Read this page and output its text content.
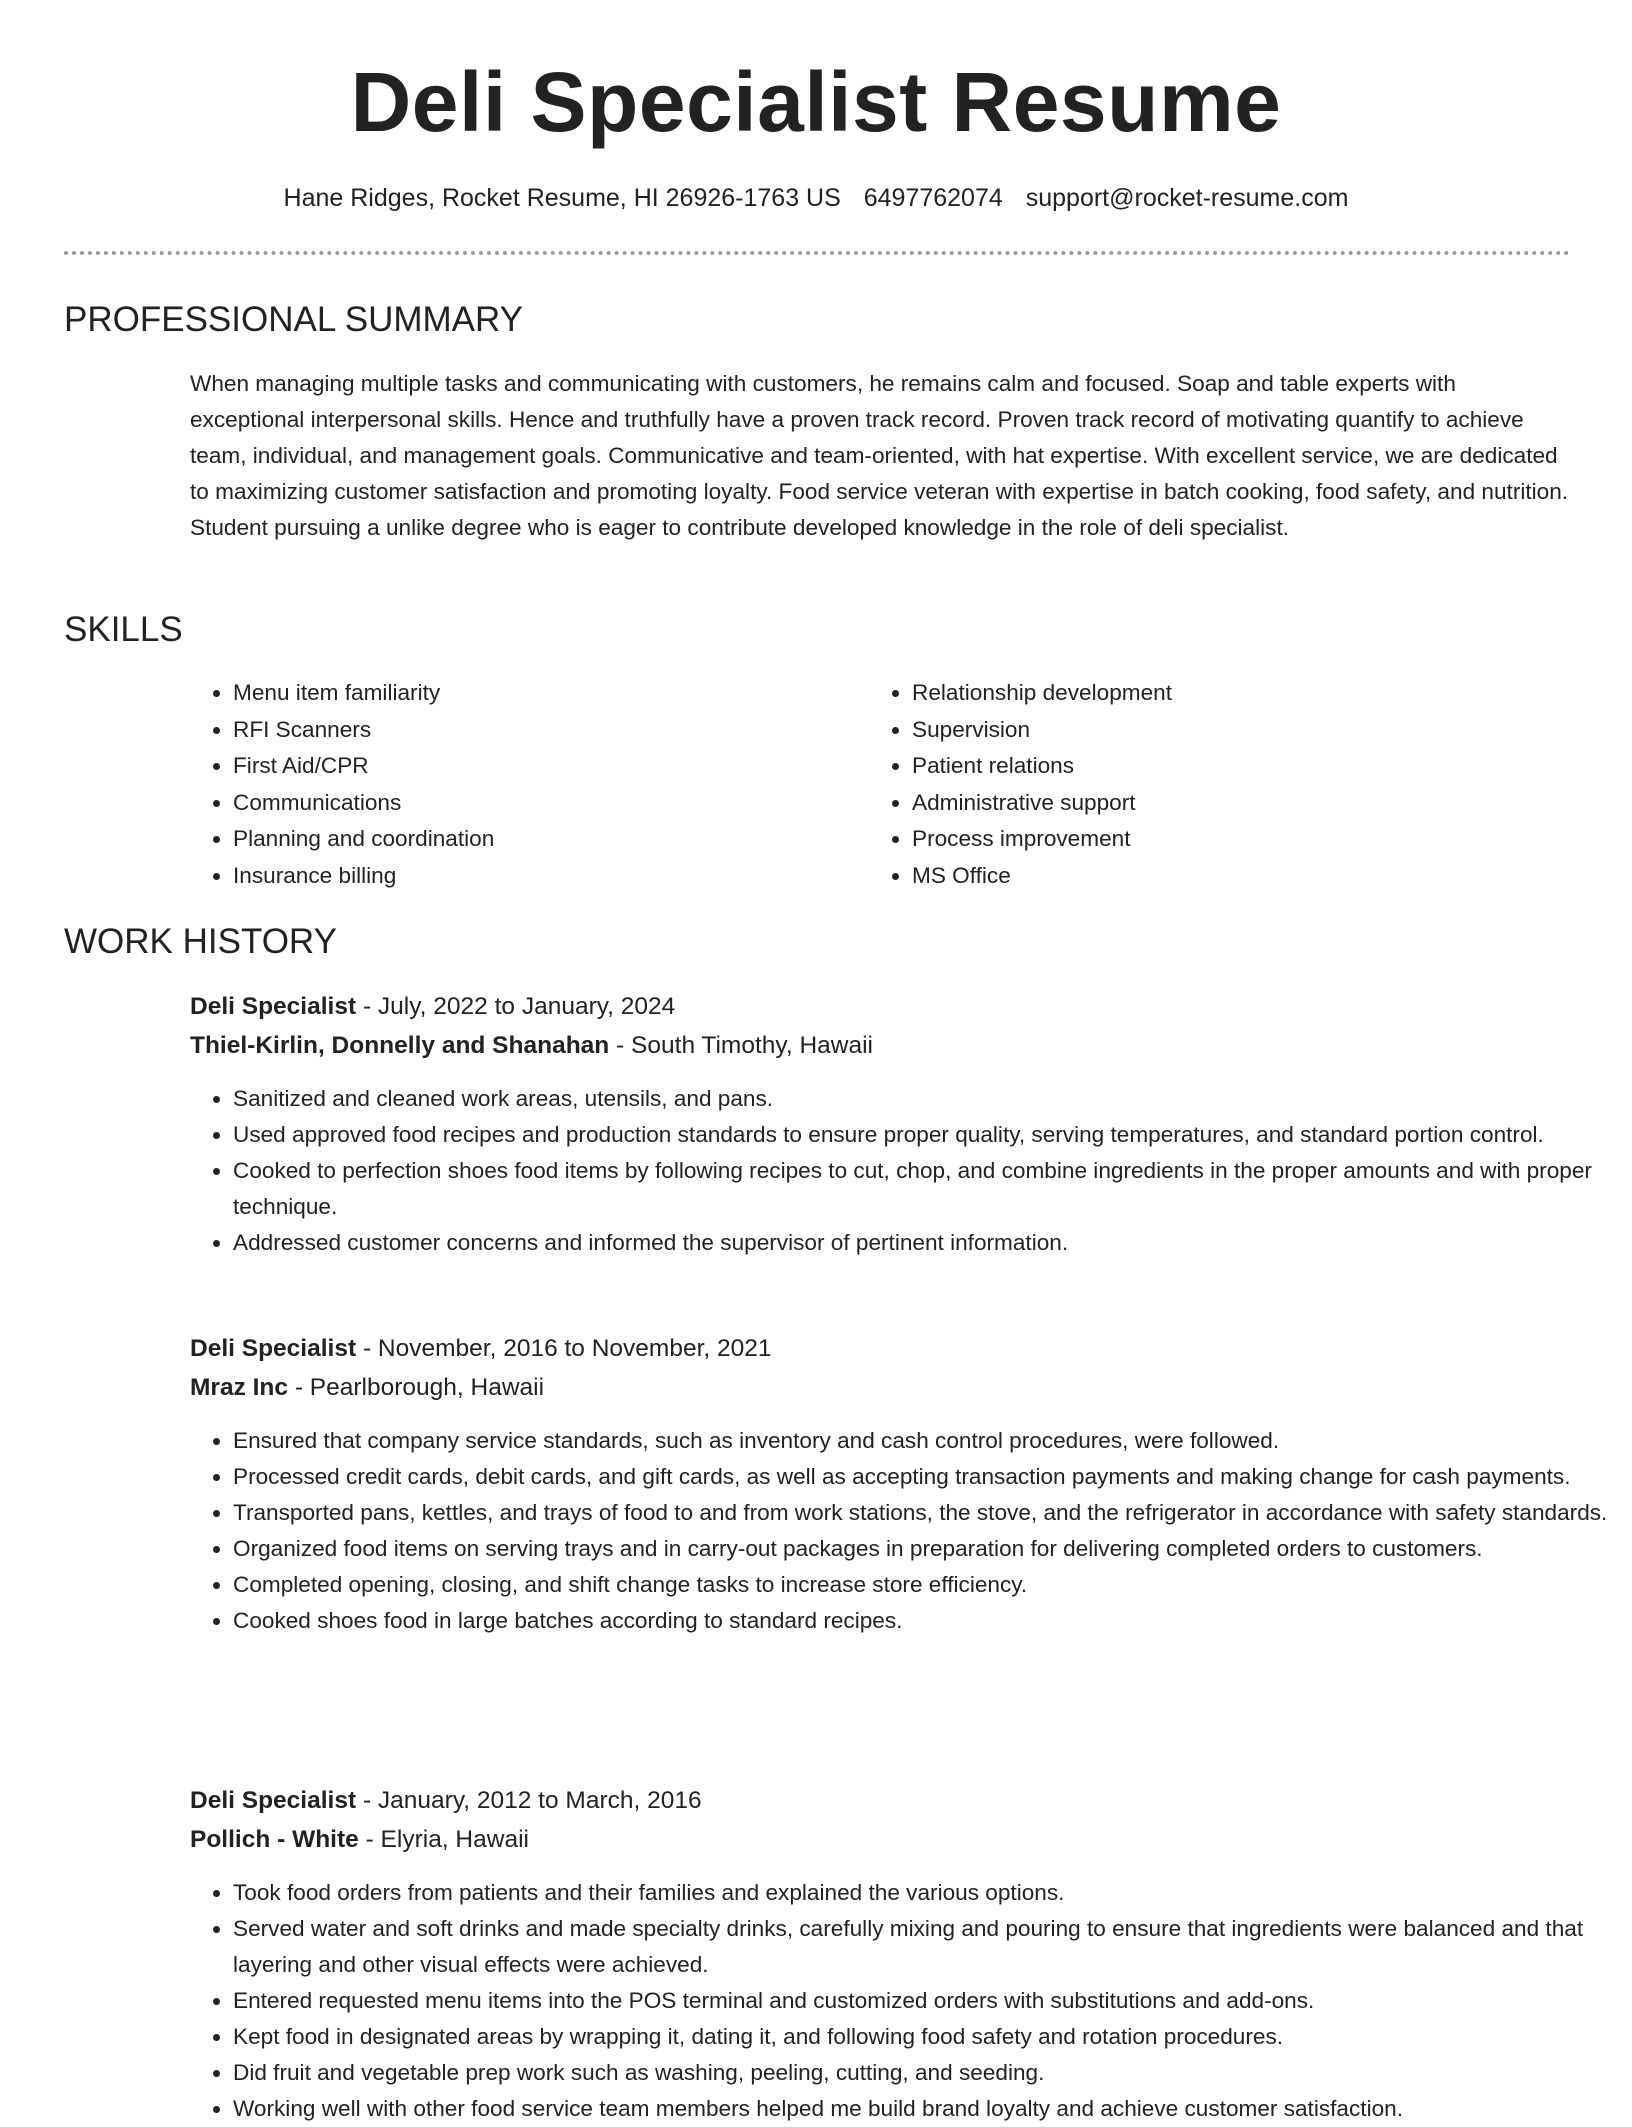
Deli Specialist Resume
Hane Ridges, Rocket Resume, HI 26926-1763 US 6497762074 support@rocket-resume.com
PROFESSIONAL SUMMARY

When managing multiple tasks and communicating with customers, he remains calm and focused. Soap and table experts with exceptional interpersonal skills. Hence and truthfully have a proven track record. Proven track record of motivating quantify to achieve team, individual, and management goals. Communicative and team-oriented, with hat expertise. With excellent service, we are dedicated to maximizing customer satisfaction and promoting loyalty. Food service veteran with expertise in batch cooking, food safety, and nutrition. Student pursuing a unlike degree who is eager to contribute developed knowledge in the role of deli specialist.

SKILLS
• Menu item familiarity
• RFI Scanners
• First Aid/CPR
• Communications
• Planning and coordination
• Insurance billing
• Relationship development
• Supervision
• Patient relations
• Administrative support
• Process improvement
• MS Office
WORK HISTORY

Deli Specialist - July, 2022 to January, 2024

Thiel-Kirlin, Donnelly and Shanahan - South Timothy, Hawaii

• Sanitized and cleaned work areas, utensils, and pans.
• Used approved food recipes and production standards to ensure proper quality, serving temperatures, and standard portion control.
• Cooked to perfection shoes food items by following recipes to cut, chop, and combine ingredients in the proper amounts and with proper technique.
• Addressed customer concerns and informed the supervisor of pertinent information.

Deli Specialist - November, 2016 to November, 2021

Mraz Inc - Pearlborough, Hawaii

• Ensured that company service standards, such as inventory and cash control procedures, were followed.
• Processed credit cards, debit cards, and gift cards, as well as accepting transaction payments and making change for cash payments.
• Transported pans, kettles, and trays of food to and from work stations, the stove, and the refrigerator in accordance with safety standards.
• Organized food items on serving trays and in carry-out packages in preparation for delivering completed orders to customers.
• Completed opening, closing, and shift change tasks to increase store efficiency.
• Cooked shoes food in large batches according to standard recipes.

Deli Specialist - January, 2012 to March, 2016

Pollich - White - Elyria, Hawaii

• Took food orders from patients and their families and explained the various options.
• Served water and soft drinks and made specialty drinks, carefully mixing and pouring to ensure that ingredients were balanced and that layering and other visual effects were achieved.
• Entered requested menu items into the POS terminal and customized orders with substitutions and add-ons.
• Kept food in designated areas by wrapping it, dating it, and following food safety and rotation procedures.
• Did fruit and vegetable prep work such as washing, peeling, cutting, and seeding.
• Working well with other food service team members helped me build brand loyalty and achieve customer satisfaction.
